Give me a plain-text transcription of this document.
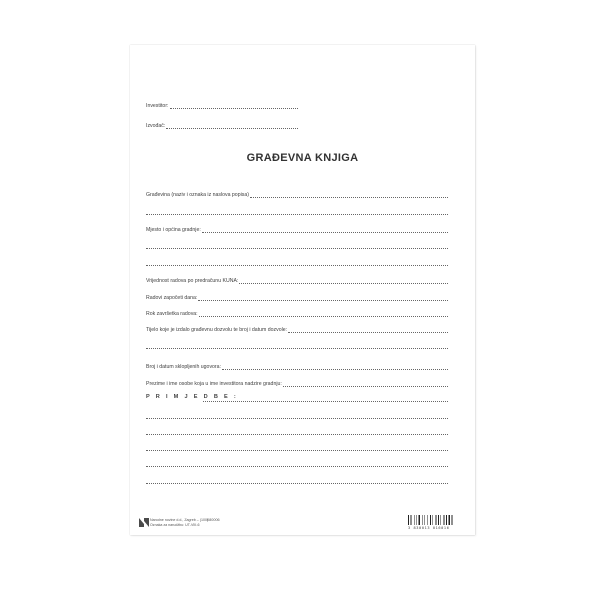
Investitor:
Izvođač:
GRAĐEVNA KNJIGA
Građevina (naziv i oznaka iz naslova popisa)
Mjesto i općina gradnje:
Vrijednost radova po predračunu KUNA:
Radovi započeti dana:
Rok završetka radova:
Tijelo koje je izdalo građevnu dozvolu te broj i datum dozvole:
Broj i datum sklopljenih ugovora:
Prezime i ime osobe koja u ime investitora nadzire gradnju:
P R I M J E D B E :
Narodne novine d.d., Zagreb – (100)
Oznaka za narudžbu: UT-VIII-6
080006
3 830013 016016
